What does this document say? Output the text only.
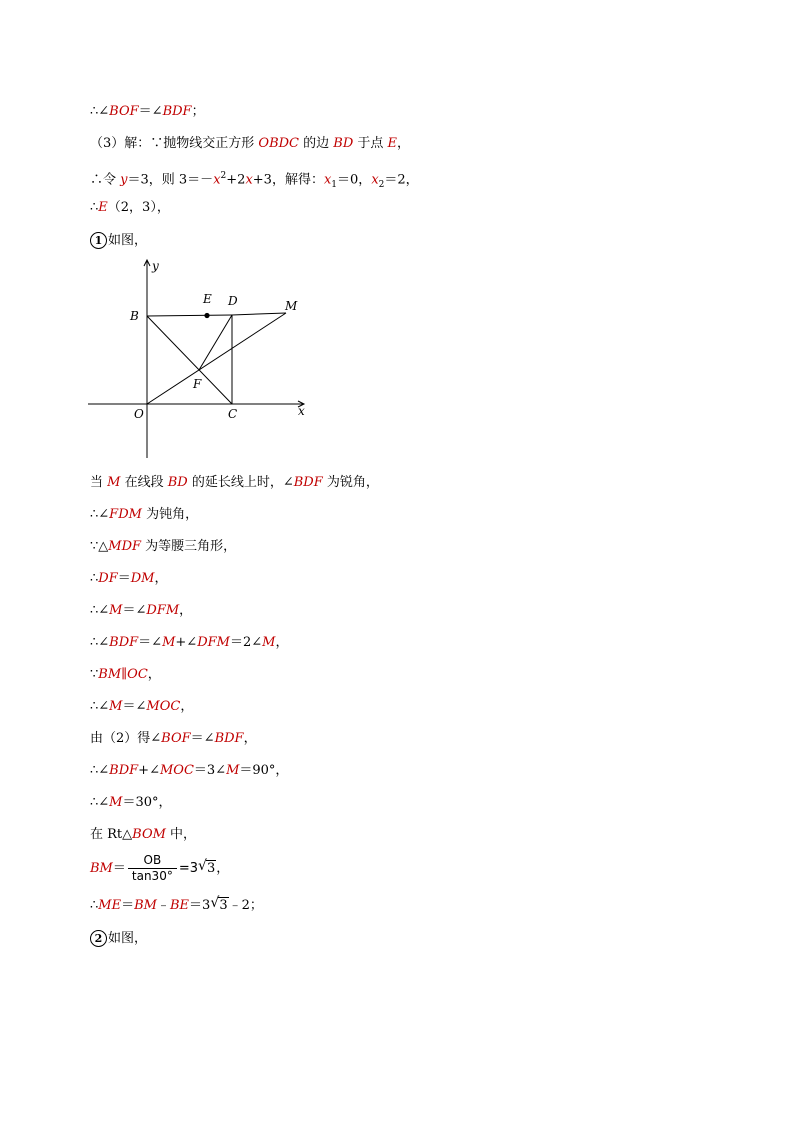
∴∠BOF＝∠BDF；
（3）解：∵抛物线交正方形 OBDC 的边 BD 于点 E，
∴令 y＝3，则 $3=-x^2+2x+3$，解得：$x_1=0$，$x_2=2$，
∴E（2，3），
1 如图，
y
x
O
B
C
D
E
F
M
当 M 在线段 BD 的延长线上时，∠BDF 为锐角，
∴∠FDM 为钝角，
∵△MDF 为等腰三角形，
∴DF＝DM，
∴∠M＝∠DFM，
∴∠BDF＝∠M+∠DFM＝2∠M，
∵BM∥OC，
∴∠M＝∠MOC，
由（2）得∠BOF＝∠BDF，
∴∠BDF+∠MOC＝3∠M＝90°，
∴∠M＝30°，
在 Rt△BOM 中，
$BM= \frac{OB}{\tan 30^\circ} =3$ √ 3，
∴ME＝BM﹣BE＝3 √ 3﹣2；
2 如图，
